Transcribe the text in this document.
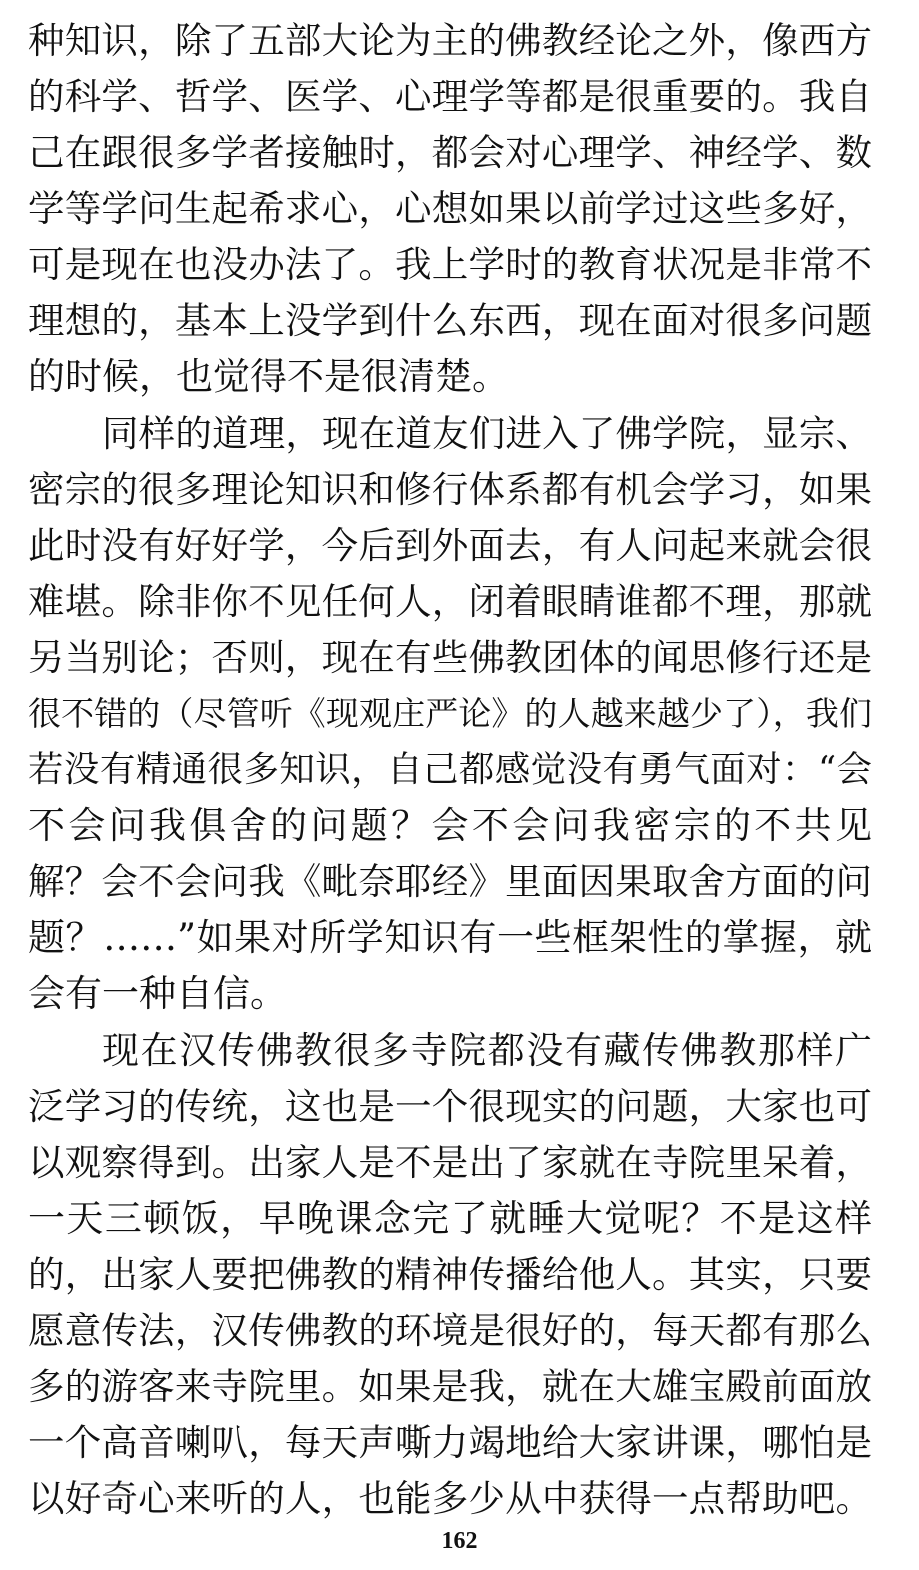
种知识，除了五部大论为主的佛教经论之外，像西方
的科学、哲学、医学、心理学等都是很重要的。我自
己在跟很多学者接触时，都会对心理学、神经学、数
学等学问生起希求心，心想如果以前学过这些多好，
可是现在也没办法了。我上学时的教育状况是非常不
理想的，基本上没学到什么东西，现在面对很多问题
的时候，也觉得不是很清楚。
同样的道理，现在道友们进入了佛学院，显宗、
密宗的很多理论知识和修行体系都有机会学习，如果
此时没有好好学，今后到外面去，有人问起来就会很
难堪。除非你不见任何人，闭着眼睛谁都不理，那就
另当别论；否则，现在有些佛教团体的闻思修行还是
很不错的（尽管听《现观庄严论》的人越来越少了），我们
若没有精通很多知识，自己都感觉没有勇气面对：“会
不会问我俱舍的问题？会不会问我密宗的不共见
解？会不会问我《毗奈耶经》里面因果取舍方面的问
题？……”如果对所学知识有一些框架性的掌握，就
会有一种自信。
现在汉传佛教很多寺院都没有藏传佛教那样广
泛学习的传统，这也是一个很现实的问题，大家也可
以观察得到。出家人是不是出了家就在寺院里呆着，
一天三顿饭，早晚课念完了就睡大觉呢？不是这样
的，出家人要把佛教的精神传播给他人。其实，只要
愿意传法，汉传佛教的环境是很好的，每天都有那么
多的游客来寺院里。如果是我，就在大雄宝殿前面放
一个高音喇叭，每天声嘶力竭地给大家讲课，哪怕是
以好奇心来听的人，也能多少从中获得一点帮助吧。
162
